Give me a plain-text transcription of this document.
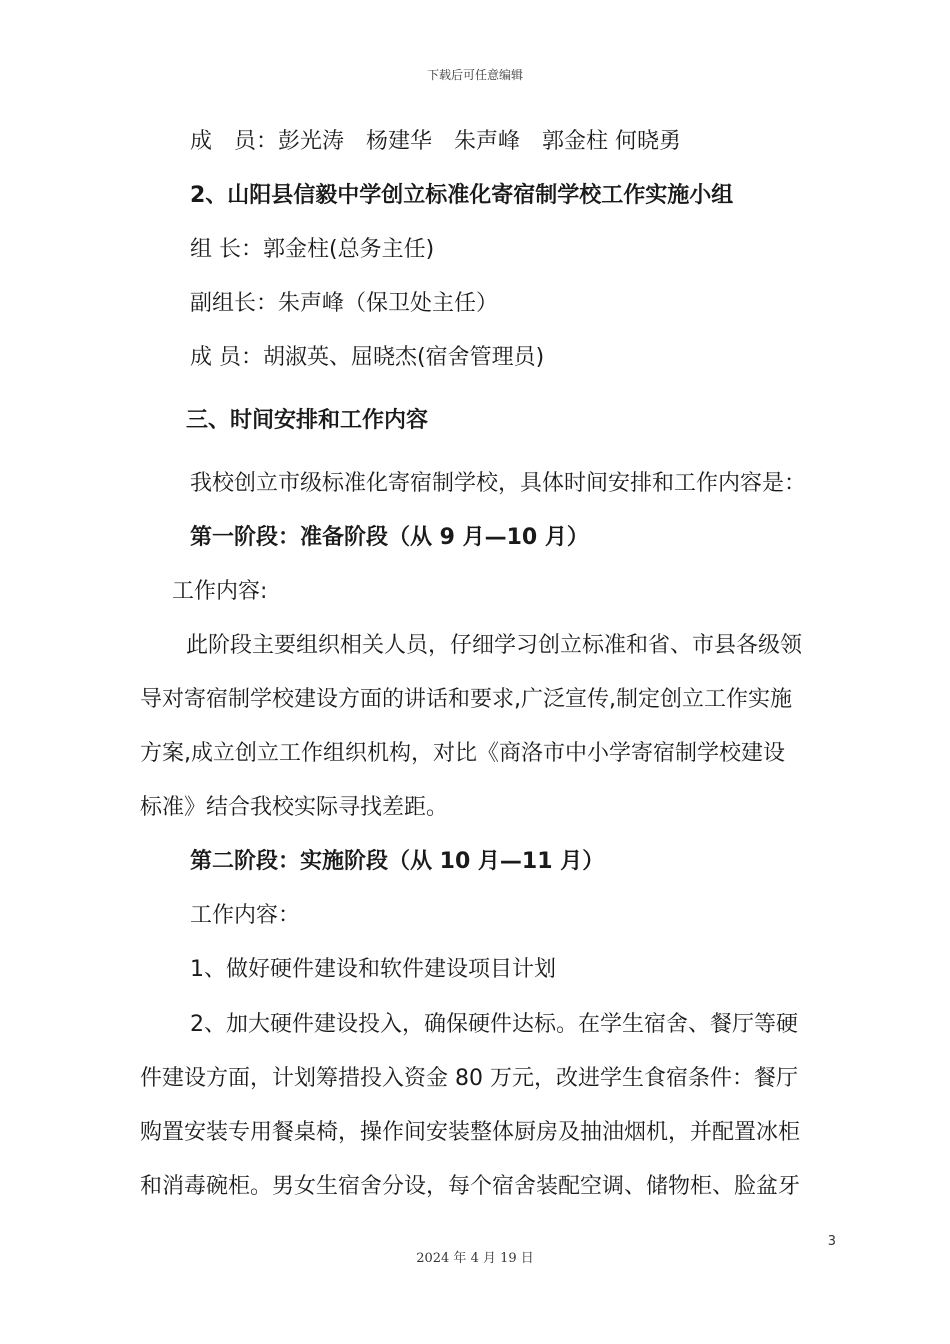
下载后可任意编辑
成　员：彭光涛　杨建华　朱声峰　郭金柱 何晓勇
2、山阳县信毅中学创立标准化寄宿制学校工作实施小组
组 长：郭金柱(总务主任)
副组长：朱声峰（保卫处主任）
成 员：胡淑英、屈晓杰(宿舍管理员)
三、时间安排和工作内容
我校创立市级标准化寄宿制学校，具体时间安排和工作内容是：
第一阶段：准备阶段（从 9 月—10 月）
工作内容:
此阶段主要组织相关人员，仔细学习创立标准和省、市县各级领
导对寄宿制学校建设方面的讲话和要求,广泛宣传,制定创立工作实施
方案,成立创立工作组织机构，对比《商洛市中小学寄宿制学校建设
标准》结合我校实际寻找差距。
第二阶段：实施阶段（从 10 月—11 月）
工作内容：
1、做好硬件建设和软件建设项目计划
2、加大硬件建设投入，确保硬件达标。在学生宿舍、餐厅等硬
件建设方面，计划筹措投入资金 80 万元，改进学生食宿条件：餐厅
购置安装专用餐桌椅，操作间安装整体厨房及抽油烟机，并配置冰柜
和消毒碗柜。男女生宿舍分设，每个宿舍装配空调、储物柜、脸盆牙
3
2024 年 4 月 19 日
